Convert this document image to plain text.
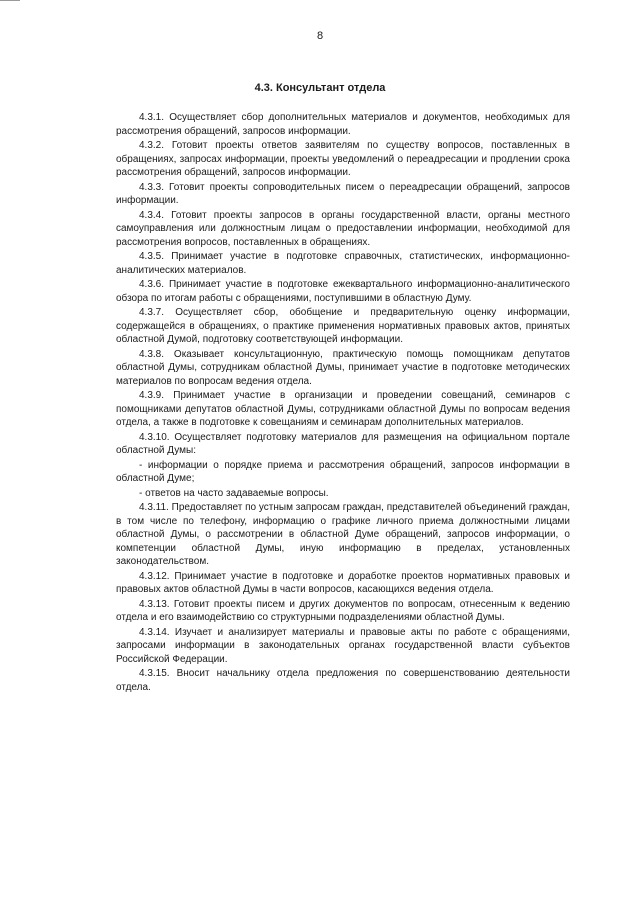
8
4.3. Консультант отдела

4.3.1. Осуществляет сбор дополнительных материалов и документов, необходимых для рассмотрения обращений, запросов информации.

4.3.2. Готовит проекты ответов заявителям по существу вопросов, поставленных в обращениях, запросах информации, проекты уведомлений о переадресации и продлении срока рассмотрения обращений, запросов информации.

4.3.3. Готовит проекты сопроводительных писем о переадресации обращений, запросов информации.

4.3.4. Готовит проекты запросов в органы государственной власти, органы местного самоуправления или должностным лицам о предоставлении информации, необходимой для рассмотрения вопросов, поставленных в обращениях.

4.3.5. Принимает участие в подготовке справочных, статистических, информационно-аналитических материалов.

4.3.6. Принимает участие в подготовке ежеквартального информационно-аналитического обзора по итогам работы с обращениями, поступившими в областную Думу.

4.3.7. Осуществляет сбор, обобщение и предварительную оценку информации, содержащейся в обращениях, о практике применения нормативных правовых актов, принятых областной Думой, подготовку соответствующей информации.

4.3.8. Оказывает консультационную, практическую помощь помощникам депутатов областной Думы, сотрудникам областной Думы, принимает участие в подготовке методических материалов по вопросам ведения отдела.

4.3.9. Принимает участие в организации и проведении совещаний, семинаров с помощниками депутатов областной Думы, сотрудниками областной Думы по вопросам ведения отдела, а также в подготовке к совещаниям и семинарам дополнительных материалов.

4.3.10. Осуществляет подготовку материалов для размещения на официальном портале областной Думы:

- информации о порядке приема и рассмотрения обращений, запросов информации в областной Думе;

- ответов на часто задаваемые вопросы.

4.3.11. Предоставляет по устным запросам граждан, представителей объединений граждан, в том числе по телефону, информацию о графике личного приема должностными лицами областной Думы, о рассмотрении в областной Думе обращений, запросов информации, о компетенции областной Думы, иную информацию в пределах, установленных законодательством.

4.3.12. Принимает участие в подготовке и доработке проектов нормативных правовых и правовых актов областной Думы в части вопросов, касающихся ведения отдела.

4.3.13. Готовит проекты писем и других документов по вопросам, отнесенным к ведению отдела и его взаимодействию со структурными подразделениями областной Думы.

4.3.14. Изучает и анализирует материалы и правовые акты по работе с обращениями, запросами информации в законодательных органах государственной власти субъектов Российской Федерации.

4.3.15. Вносит начальнику отдела предложения по совершенствованию деятельности отдела.
